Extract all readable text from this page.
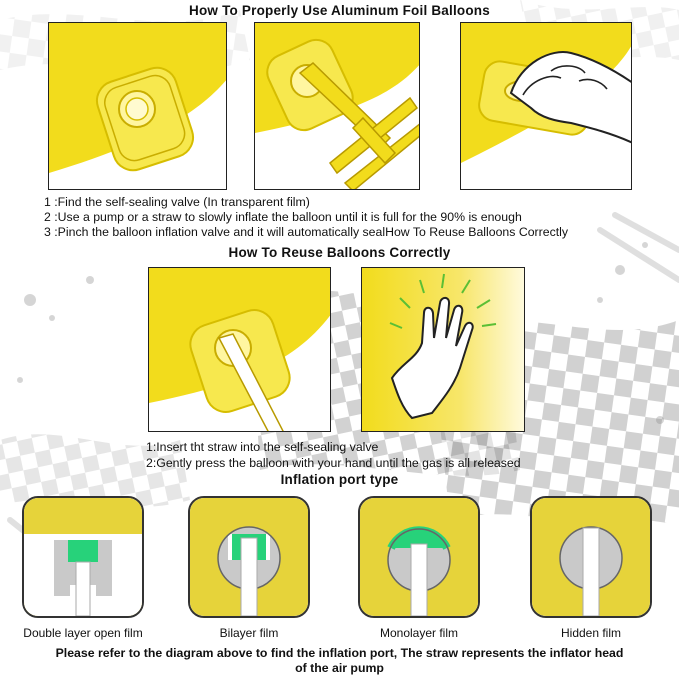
How To Properly Use Aluminum Foil Balloons
1 :Find the self-sealing valve (In transparent film)
2 :Use a pump or a straw to slowly inflate the balloon until it is full for the 90% is enough
3 :Pinch the balloon inflation valve and it will automatically sealHow To Reuse Balloons Correctly
How To Reuse Balloons Correctly
1:Insert tht straw into the self-sealing valve
2:Gently press the balloon with your hand until the gas is all released
Inflation port type
Double layer open film	Bilayer film	Monolayer film	Hidden film
Please refer to the diagram above to find the inflation port, The straw represents the inflator head
of the air pump
